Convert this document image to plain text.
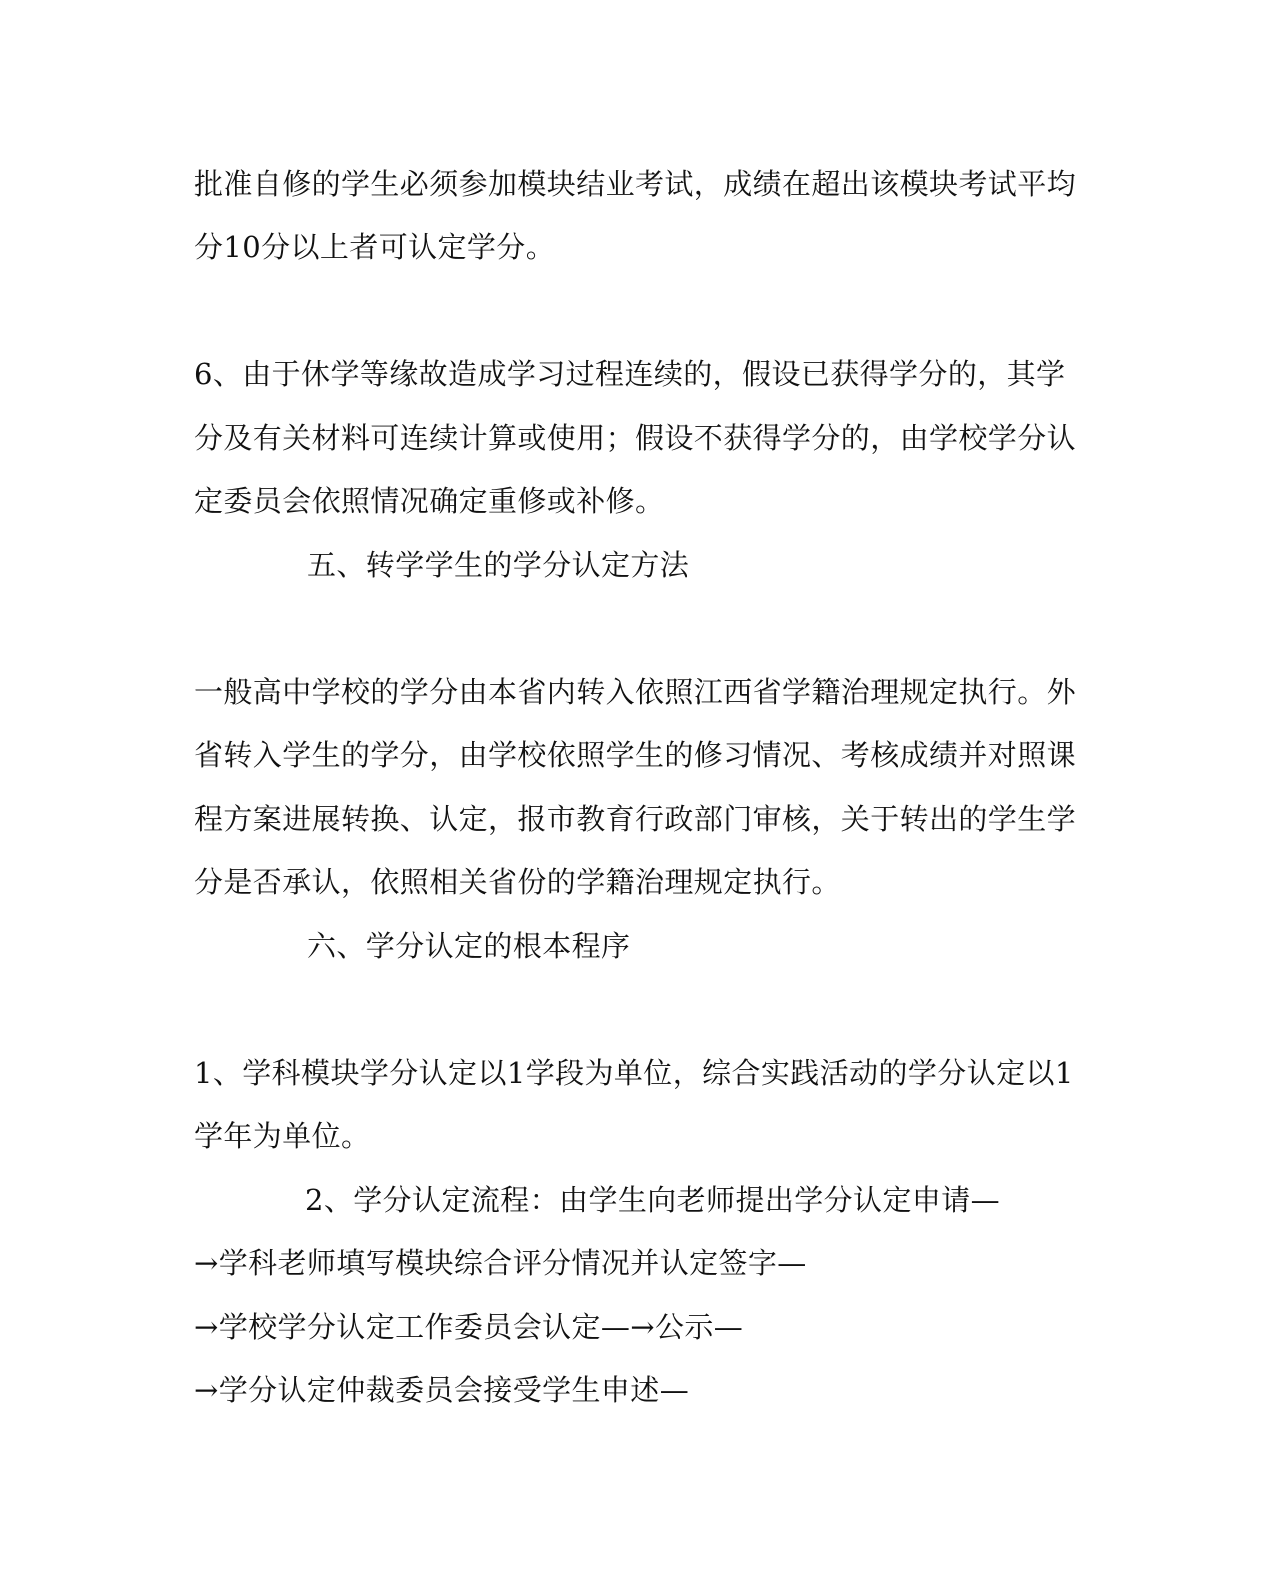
批准自修的学生必须参加模块结业考试，成绩在超出该模块考试平均
分10分以上者可认定学分。
6、由于休学等缘故造成学习过程连续的，假设已获得学分的，其学
分及有关材料可连续计算或使用；假设不获得学分的，由学校学分认
定委员会依照情况确定重修或补修。
五、转学学生的学分认定方法
一般高中学校的学分由本省内转入依照江西省学籍治理规定执行。外
省转入学生的学分，由学校依照学生的修习情况、考核成绩并对照课
程方案进展转换、认定，报市教育行政部门审核，关于转出的学生学
分是否承认，依照相关省份的学籍治理规定执行。
六、学分认定的根本程序
1、学科模块学分认定以1学段为单位，综合实践活动的学分认定以1
学年为单位。
2、学分认定流程：由学生向老师提出学分认定申请—
→学科老师填写模块综合评分情况并认定签字—
→学校学分认定工作委员会认定—→公示—
→学分认定仲裁委员会接受学生申述—
